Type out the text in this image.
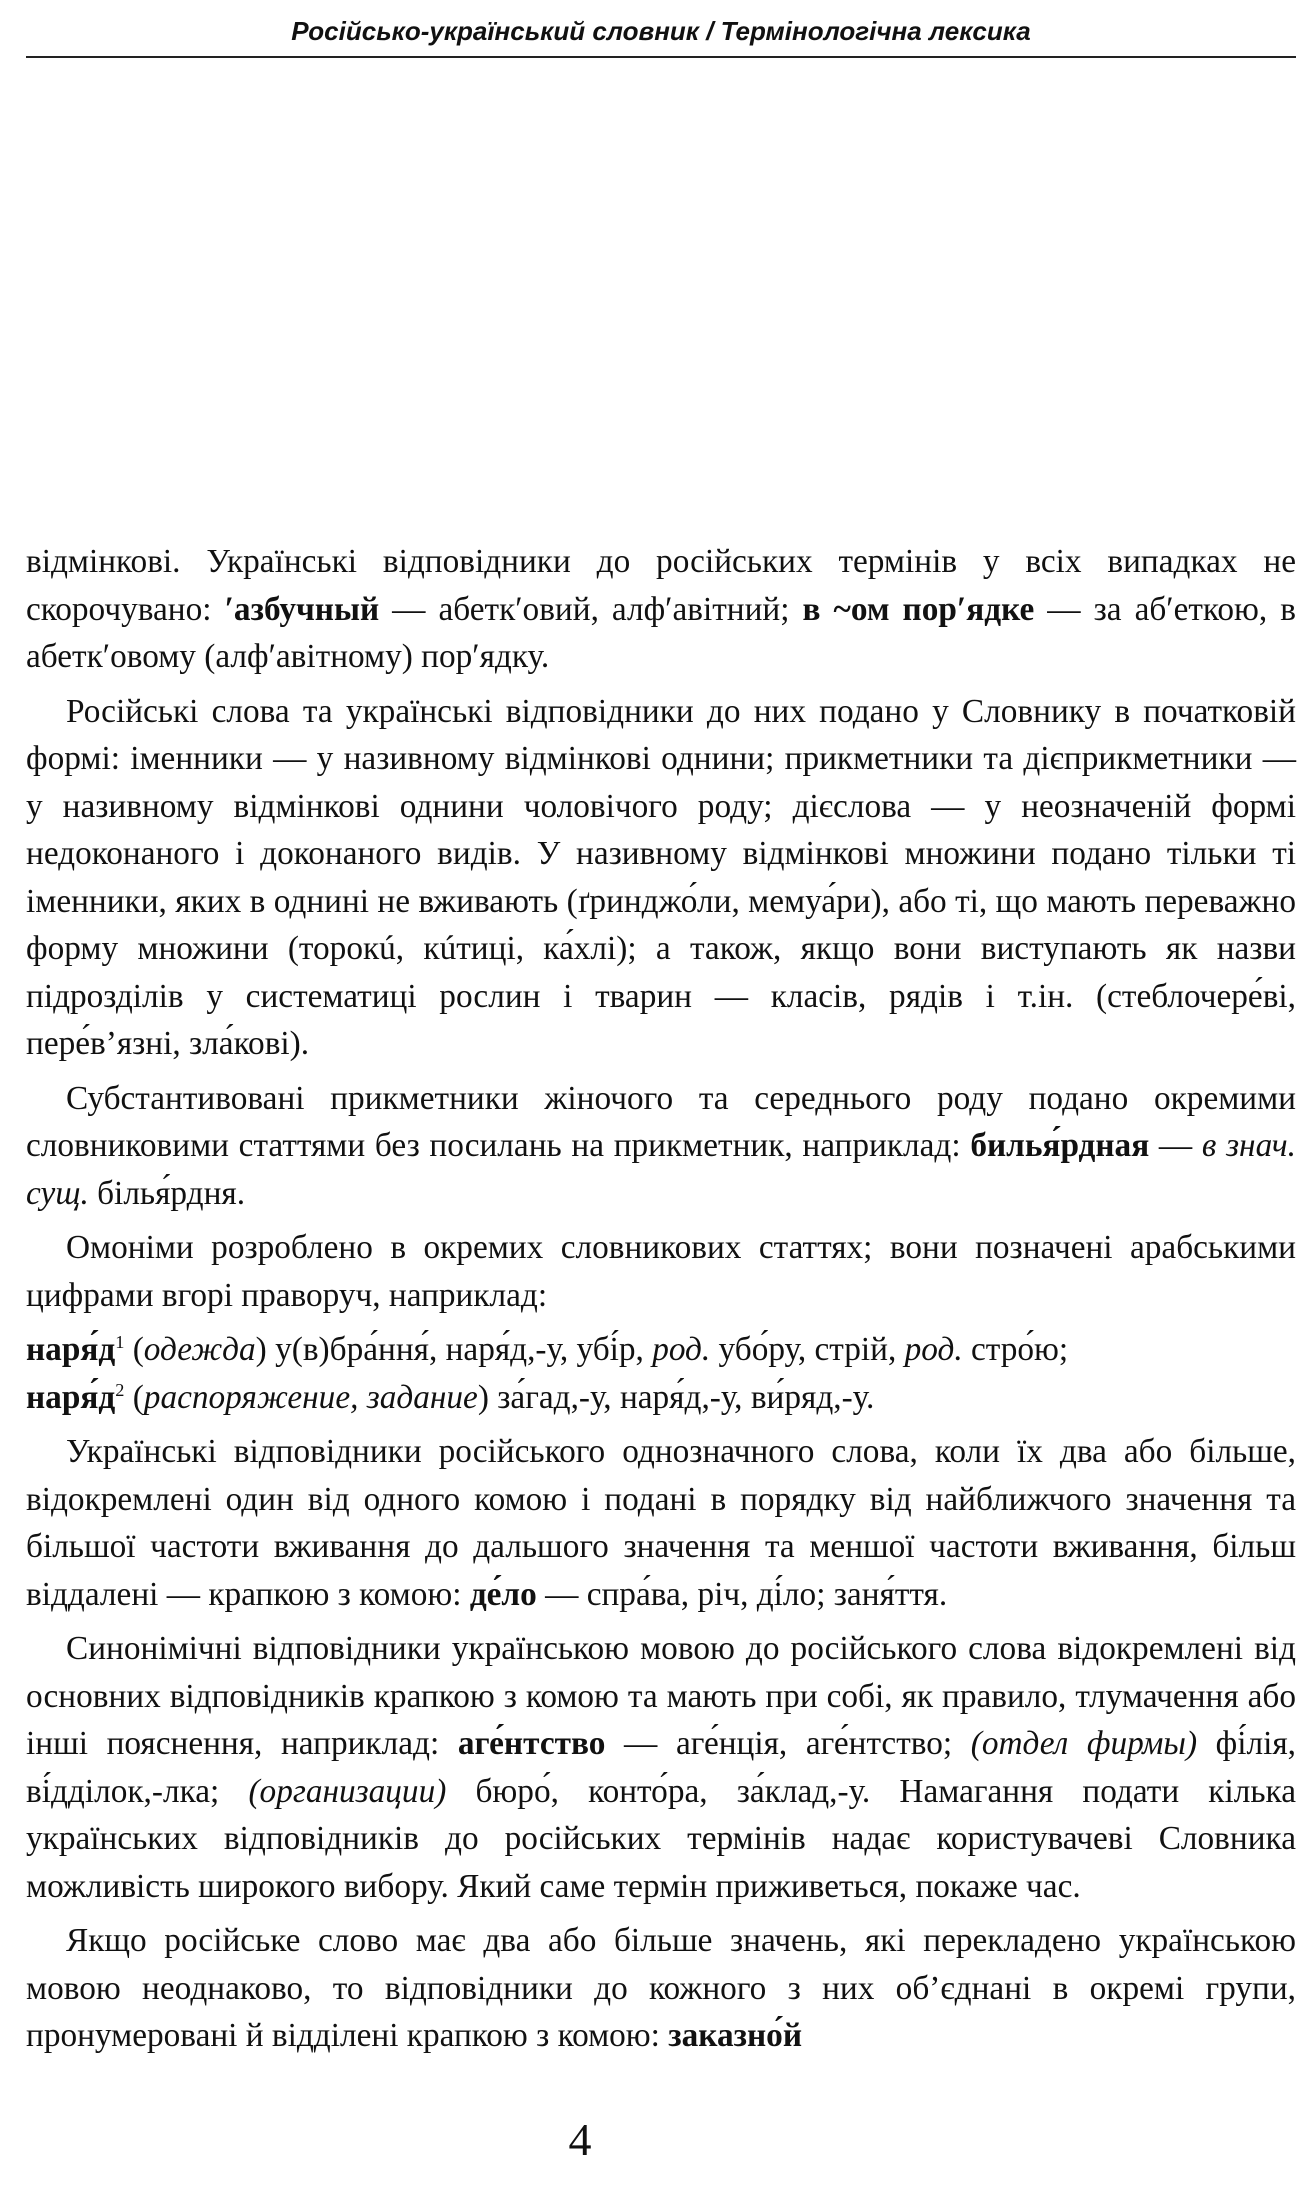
Російсько-український словник / Термінологічна лексика

відмінкові. Українські відповідники до російських термінів у всіх випадках не скорочувано: ʹазбучный — абеткʹовий, алфʹавітний; в ~ом порʹядке — за абʹеткою, в абеткʹовому (алфʹавітному) порʹядку.

Російські слова та українські відповідники до них подано у Словнику в початковій формі: іменники — у називному відмінкові однини; прикметники та дієприкметники — у називному відмінкові однини чоловічого роду; дієслова — у неозначеній формі недоконаного і доконаного видів. У називному відмінкові множини подано тільки ті іменники, яких в однині не вживають (ґринджо́ли, мемуа́ри), або ті, що мають переважно форму множини (торокú, кúтиці, ка́хлі); а також, якщо вони виступають як назви підрозділів у систематиці рослин і тварин — класів, рядів і т.ін. (стеблочере́ві, пере́в’язні, зла́кові).

Субстантивовані прикметники жіночого та середнього роду подано окремими словниковими статтями без посилань на прикметник, наприклад: билья́рдная — в знач. сущ. білья́рдня.

Омоніми розроблено в окремих словникових статтях; вони позначені арабськими цифрами вгорі праворуч, наприклад:

$наря́д^1$ (одежда) у(в)бра́ння́, наря́д,-у, убі́р, род. убо́ру, стрій, род. стро́ю;

$наря́д^2$ (распоряжение, задание) за́гад,-у, наря́д,-у, ви́ряд,-у.

Українські відповідники російського однозначного слова, коли їх два або більше, відокремлені один від одного комою і подані в порядку від найближчого значення та більшої частоти вживання до дальшого значення та меншої частоти вживання, більш віддалені — крапкою з комою: де́ло — спра́ва, річ, ді́ло; заня́ття.

Синонімічні відповідники українською мовою до російського слова відокремлені від основних відповідників крапкою з комою та мають при собі, як правило, тлумачення або інші пояснення, наприклад: аге́нтство — аге́нція, аге́нтство; (отдел фирмы) фі́лія, ві́дділок,-лка; (организации) бюро́, конто́ра, за́клад,-у. Намагання подати кілька українських відповідників до російських термінів надає користувачеві Словника можливість широкого вибору. Який саме термін приживеться, покаже час.

Якщо російське слово має два або більше значень, які перекладено українською мовою неоднаково, то відповідники до кожного з них об’єднані в окремі групи, пронумеровані й відділені крапкою з комою: заказно́й

4
